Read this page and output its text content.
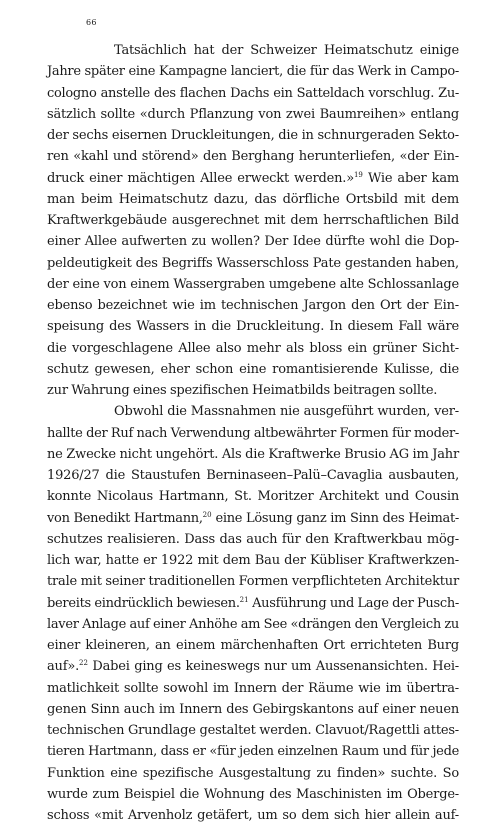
66
Tatsächlich hat der Schweizer Heimatschutz einige
Jahre später eine Kampagne lanciert, die für das Werk in Campo-
cologno anstelle des flachen Dachs ein Satteldach vorschlug. Zu-
sätzlich sollte «durch Pflanzung von zwei Baumreihen» entlang
der sechs eisernen Druckleitungen, die in schnurgeraden Sekto-
ren «kahl und störend» den Berghang herunterliefen, «der Ein-
druck einer mächtigen Allee erweckt werden.»$^{19}$ Wie aber kam
man beim Heimatschutz dazu, das dörfliche Ortsbild mit dem
Kraftwerkgebäude ausgerechnet mit dem herrschaftlichen Bild
einer Allee aufwerten zu wollen? Der Idee dürfte wohl die Dop-
peldeutigkeit des Begriffs Wasserschloss Pate gestanden haben,
der eine von einem Wassergraben umgebene alte Schlossanlage
ebenso bezeichnet wie im technischen Jargon den Ort der Ein-
speisung des Wassers in die Druckleitung. In diesem Fall wäre
die vorgeschlagene Allee also mehr als bloss ein grüner Sicht-
schutz gewesen, eher schon eine romantisierende Kulisse, die
zur Wahrung eines spezifischen Heimatbilds beitragen sollte.
Obwohl die Massnahmen nie ausgeführt wurden, ver-
hallte der Ruf nach Verwendung altbewährter Formen für moder-
ne Zwecke nicht ungehört. Als die Kraftwerke Brusio AG im Jahr
1926/27 die Staustufen Berninaseen–Palü–Cavaglia ausbauten,
konnte Nicolaus Hartmann, St. Moritzer Architekt und Cousin
von Benedikt Hartmann,$^{20}$ eine Lösung ganz im Sinn des Heimat-
schutzes realisieren. Dass das auch für den Kraftwerkbau mög-
lich war, hatte er 1922 mit dem Bau der Kübliser Kraftwerkzen-
trale mit seiner traditionellen Formen verpflichteten Architektur
bereits eindrücklich bewiesen.$^{21}$ Ausführung und Lage der Pusch-
laver Anlage auf einer Anhöhe am See «drängen den Vergleich zu
einer kleineren, an einem märchenhaften Ort errichteten Burg
auf».$^{22}$ Dabei ging es keineswegs nur um Aussenansichten. Hei-
matlichkeit sollte sowohl im Innern der Räume wie im übertra-
genen Sinn auch im Innern des Gebirgskantons auf einer neuen
technischen Grundlage gestaltet werden. Clavuot/Ragettli attes-
tieren Hartmann, dass er «für jeden einzelnen Raum und für jede
Funktion eine spezifische Ausgestaltung zu finden» suchte. So
wurde zum Beispiel die Wohnung des Maschinisten im Oberge-
schoss «mit Arvenholz getäfert, um so dem sich hier allein auf-
